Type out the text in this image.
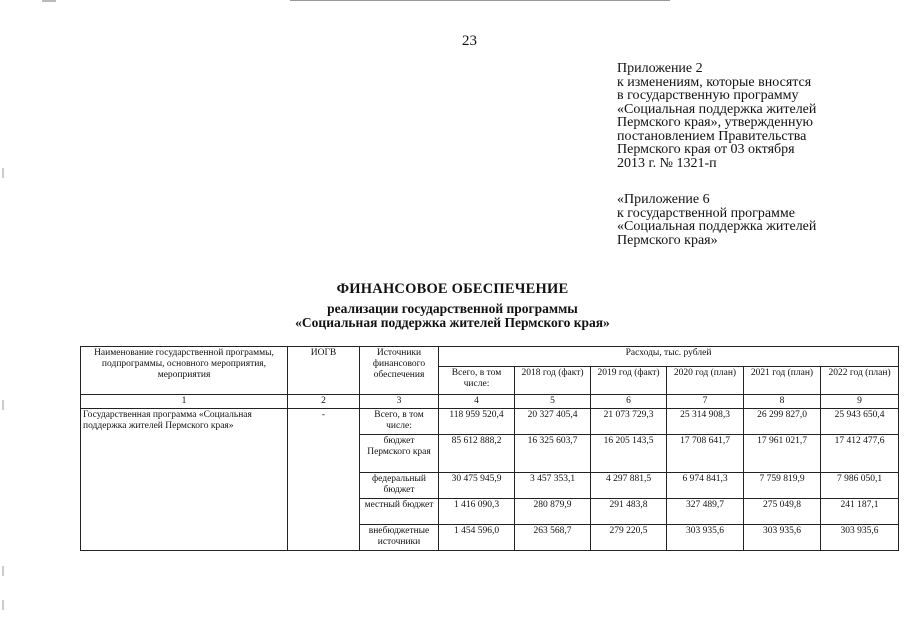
23
Приложение 2
к изменениям, которые вносятся
в государственную программу
«Социальная поддержка жителей
Пермского края», утвержденную
постановлением Правительства
Пермского края от 03 октября
2013 г. № 1321-п
«Приложение 6
к государственной программе
«Социальная поддержка жителей
Пермского края»
ФИНАНСОВОЕ ОБЕСПЕЧЕНИЕ
реализации государственной программы
«Социальная поддержка жителей Пермского края»
Наименование государственной программы, подпрограммы, основного мероприятия, мероприятия	ИОГВ	Источники финансового обеспечения	Расходы, тыс. рублей					
			Всего, в том числе:	2018 год (факт)	2019 год (факт)	2020 год (план)	2021 год (план)	2022 год (план)
1	2	3	4	5	6	7	8	9
Государственная программа «Социальная поддержка жителей Пермского края»	-	Всего, в том числе:	118 959 520,4	20 327 405,4	21 073 729,3	25 314 908,3	26 299 827,0	25 943 650,4
		бюджет Пермского края	85 612 888,2	16 325 603,7	16 205 143,5	17 708 641,7	17 961 021,7	17 412 477,6
		федеральный бюджет	30 475 945,9	3 457 353,1	4 297 881,5	6 974 841,3	7 759 819,9	7 986 050,1
		местный бюджет	1 416 090,3	280 879,9	291 483,8	327 489,7	275 049,8	241 187,1
		внебюджетные источники	1 454 596,0	263 568,7	279 220,5	303 935,6	303 935,6	303 935,6
